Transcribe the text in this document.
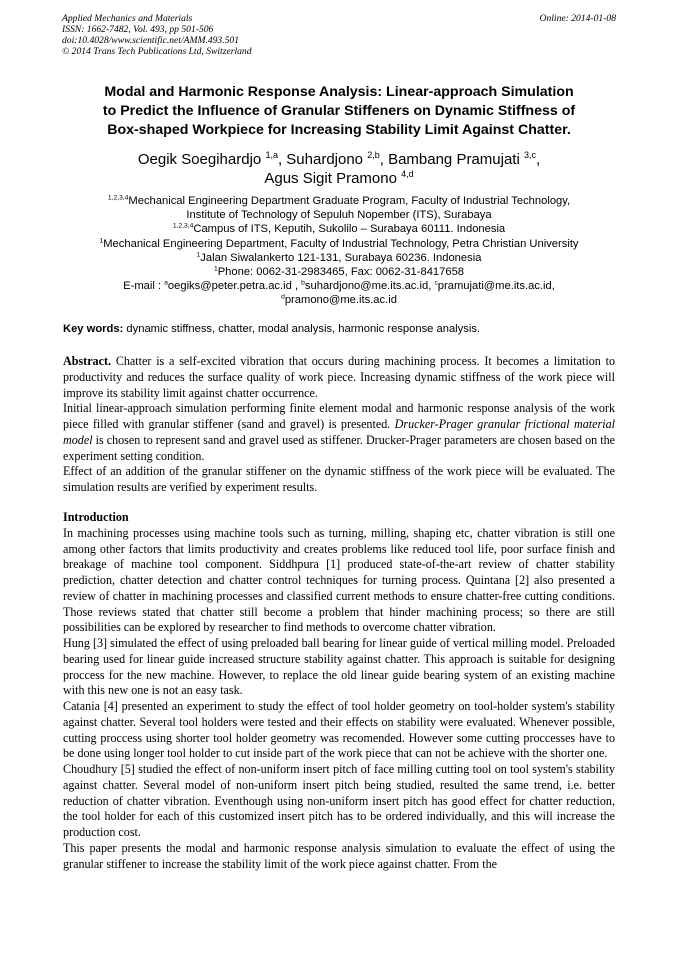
Applied Mechanics and Materials
ISSN: 1662-7482, Vol. 493, pp 501-506
doi:10.4028/www.scientific.net/AMM.493.501
© 2014 Trans Tech Publications Ltd, Switzerland
Online: 2014-01-08
Modal and Harmonic Response Analysis: Linear-approach Simulation
to Predict the Influence of Granular Stiffeners on Dynamic Stiffness of
Box-shaped Workpiece for Increasing Stability Limit Against Chatter.
Oegik Soegihardjo $^{1,a}$, Suhardjono $^{2,b}$, Bambang Pramujati $^{3,c}$,
Agus Sigit Pramono $^{4,d}$
$^{1,2,3,4}$Mechanical Engineering Department Graduate Program, Faculty of Industrial Technology,
Institute of Technology of Sepuluh Nopember (ITS), Surabaya
$^{1,2,3,4}$Campus of ITS, Keputih, Sukolilo – Surabaya 60111. Indonesia
$^1$Mechanical Engineering Department, Faculty of Industrial Technology, Petra Christian University
$^1$Jalan Siwalankerto 121-131, Surabaya 60236. Indonesia
$^1$Phone: 0062-31-2983465, Fax: 0062-31-8417658
E-mail : $^a$oegiks@peter.petra.ac.id , $^b$suhardjono@me.its.ac.id, $^c$pramujati@me.its.ac.id,
$^d$pramono@me.its.ac.id
Key words: dynamic stiffness, chatter, modal analysis, harmonic response analysis.

Abstract. Chatter is a self-excited vibration that occurs during machining process. It becomes a limitation to productivity and reduces the surface quality of work piece. Increasing dynamic stiffness of the work piece will improve its stability limit against chatter occurrence.

Initial linear-approach simulation performing finite element modal and harmonic response analysis of the work piece filled with granular stiffener (sand and gravel) is presented. Drucker-Prager granular frictional material model is chosen to represent sand and gravel used as stiffener. Drucker-Prager parameters are chosen based on the experiment setting condition.

Effect of an addition of the granular stiffener on the dynamic stiffness of the work piece will be evaluated. The simulation results are verified by experiment results.

Introduction

In machining processes using machine tools such as turning, milling, shaping etc, chatter vibration is still one among other factors that limits productivity and creates problems like reduced tool life, poor surface finish and breakage of machine tool component. Siddhpura [1] produced state-of-the-art review of chatter stability prediction, chatter detection and chatter control techniques for turning process. Quintana [2] also presented a review of chatter in machining processes and classified current methods to ensure chatter-free cutting conditions. Those reviews stated that chatter still become a problem that hinder machining process; so there are still possibilities can be explored by researcher to find methods to overcome chatter vibration.

Hung [3] simulated the effect of using preloaded ball bearing for linear guide of vertical milling model. Preloaded bearing used for linear guide increased structure stability against chatter. This approach is suitable for designing proccess for the new machine. However, to replace the old linear guide bearing system of an existing machine with this new one is not an easy task.

Catania [4] presented an experiment to study the effect of tool holder geometry on tool-holder system's stability against chatter. Several tool holders were tested and their effects on stability were evaluated. Whenever possible, cutting proccess using shorter tool holder geometry was recomended. However some cutting proccesses have to be done using longer tool holder to cut inside part of the work piece that can not be achieve with the shorter one.

Choudhury [5] studied the effect of non-uniform insert pitch of face milling cutting tool on tool system's stability against chatter. Several model of non-uniform insert pitch being studied, resulted the same trend, i.e. better reduction of chatter vibration. Eventhough using non-uniform insert pitch has good effect for chatter reduction, the tool holder for each of this customized insert pitch has to be ordered individually, and this will increase the production cost.

This paper presents the modal and harmonic response analysis simulation to evaluate the effect of using the granular stiffener to increase the stability limit of the work piece against chatter. From the
